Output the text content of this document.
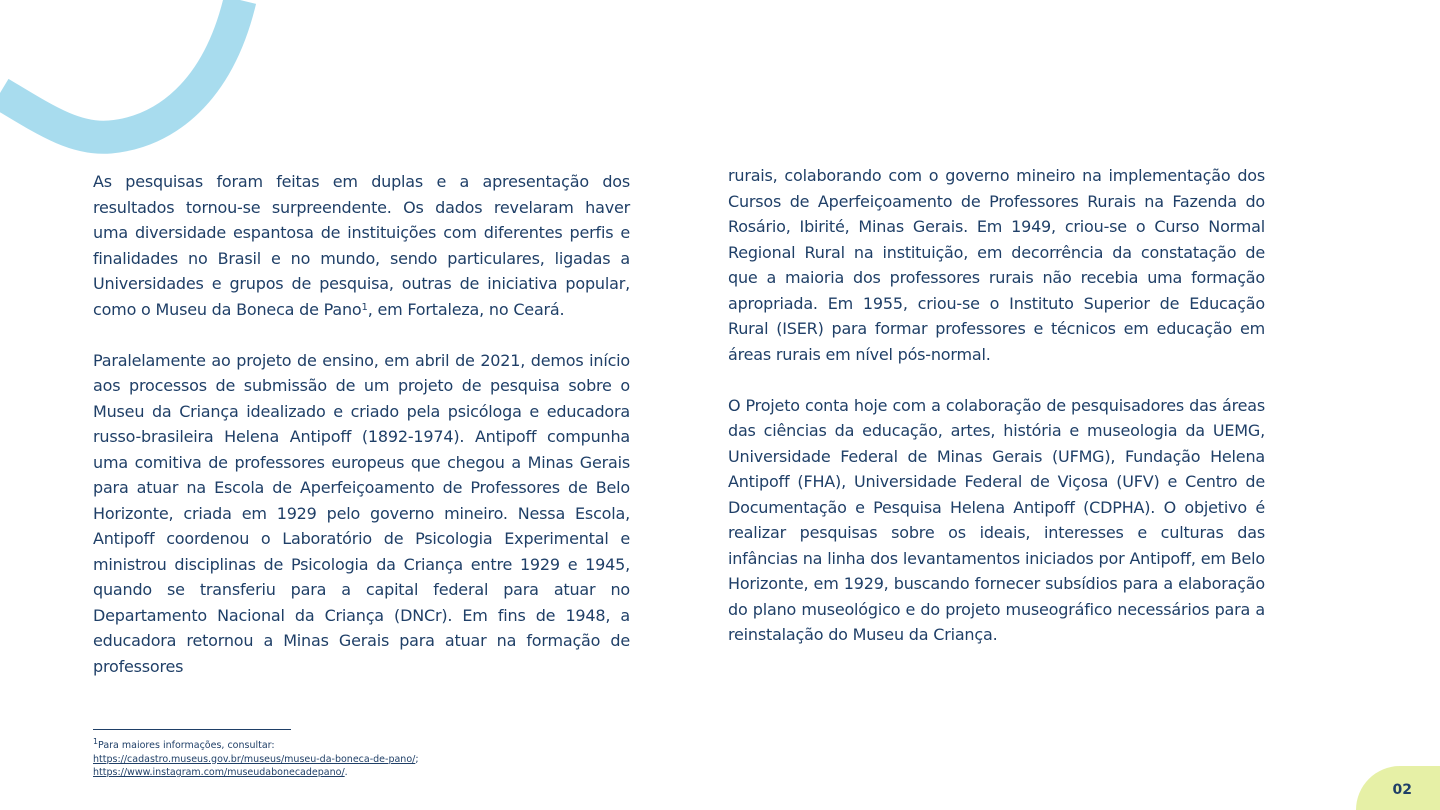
As pesquisas foram feitas em duplas e a apresentação dos resultados tornou-se surpreendente. Os dados revelaram haver uma diversidade espantosa de instituições com diferentes perfis e finalidades no Brasil e no mundo, sendo particulares, ligadas a Universidades e grupos de pesquisa, outras de iniciativa popular, como o Museu da Boneca de Pano$^1$, em Fortaleza, no Ceará.

Paralelamente ao projeto de ensino, em abril de 2021, demos início aos processos de submissão de um projeto de pesquisa sobre o Museu da Criança idealizado e criado pela psicóloga e educadora russo-brasileira Helena Antipoff (1892-1974). Antipoff compunha uma comitiva de professores europeus que chegou a Minas Gerais para atuar na Escola de Aperfeiçoamento de Professores de Belo Horizonte, criada em 1929 pelo governo mineiro. Nessa Escola, Antipoff coordenou o Laboratório de Psicologia Experimental e ministrou disciplinas de Psicologia da Criança entre 1929 e 1945, quando se transferiu para a capital federal para atuar no Departamento Nacional da Criança (DNCr). Em fins de 1948, a educadora retornou a Minas Gerais para atuar na formação de professores

rurais, colaborando com o governo mineiro na implementação dos Cursos de Aperfeiçoamento de Professores Rurais na Fazenda do Rosário, Ibirité, Minas Gerais. Em 1949, criou-se o Curso Normal Regional Rural na instituição, em decorrência da constatação de que a maioria dos professores rurais não recebia uma formação apropriada. Em 1955, criou-se o Instituto Superior de Educação Rural (ISER) para formar professores e técnicos em educação em áreas rurais em nível pós-normal.

O Projeto conta hoje com a colaboração de pesquisadores das áreas das ciências da educação, artes, história e museologia da UEMG, Universidade Federal de Minas Gerais (UFMG), Fundação Helena Antipoff (FHA), Universidade Federal de Viçosa (UFV) e Centro de Documentação e Pesquisa Helena Antipoff (CDPHA). O objetivo é realizar pesquisas sobre os ideais, interesses e culturas das infâncias na linha dos levantamentos iniciados por Antipoff, em Belo Horizonte, em 1929, buscando fornecer subsídios para a elaboração do plano museológico e do projeto museográfico necessários para a reinstalação do Museu da Criança.

$^1$Para maiores informações, consultar:
https://cadastro.museus.gov.br/museus/museu-da-boneca-de-pano/; https://www.instagram.com/museudabonecadepano/.
02
